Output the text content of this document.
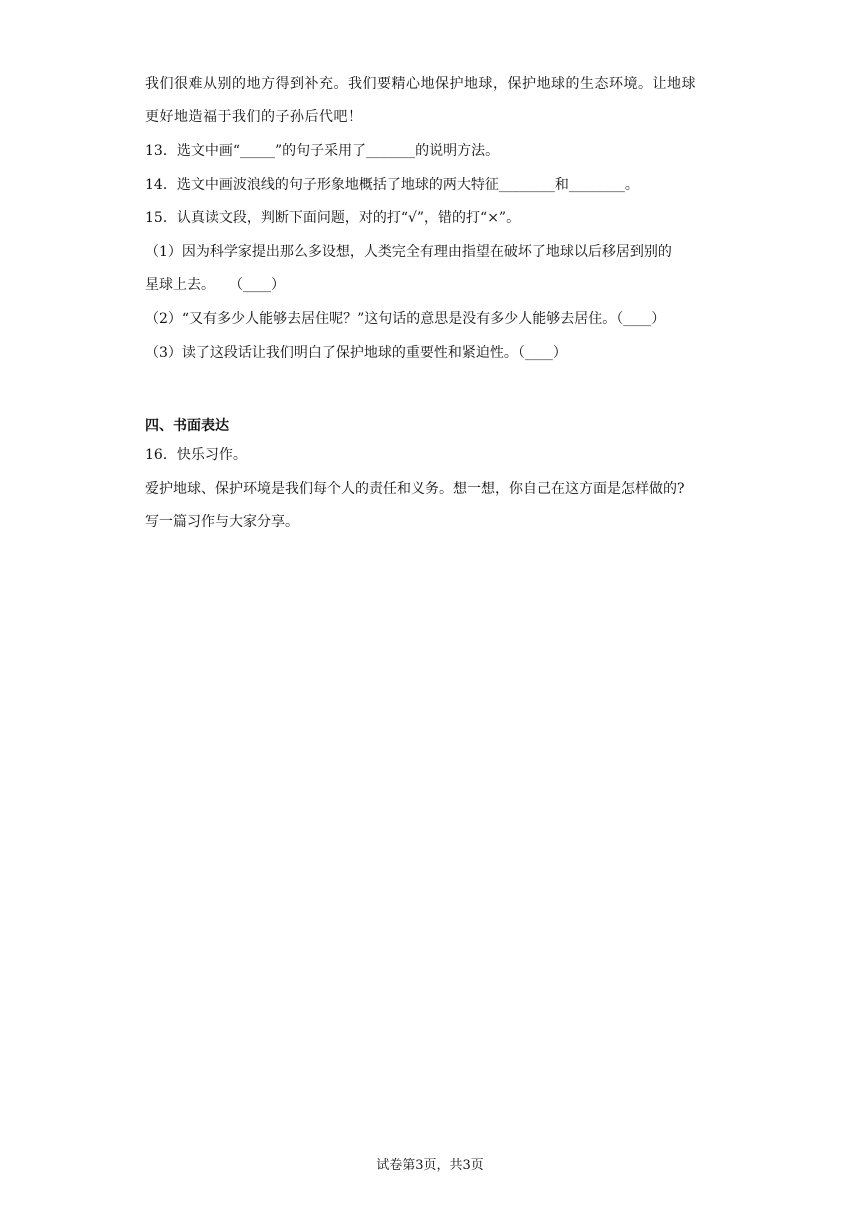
我们很难从别的地方得到补充。我们要精心地保护地球，保护地球的生态环境。让地球
更好地造福于我们的子孙后代吧！
13．选文中画“_____”的句子采用了_______的说明方法。
14．选文中画波浪线的句子形象地概括了地球的两大特征________和________。
15．认真读文段，判断下面问题，对的打“√”，错的打“×”。
（1）因为科学家提出那么多设想，人类完全有理由指望在破坏了地球以后移居到别的
星球上去。　　（____）
（2）“又有多少人能够去居住呢？”这句话的意思是没有多少人能够去居住。（____）
（3）读了这段话让我们明白了保护地球的重要性和紧迫性。（____）
四、书面表达
16．快乐习作。
爱护地球、保护环境是我们每个人的责任和义务。想一想，你自己在这方面是怎样做的?
写一篇习作与大家分享。
试卷第3页，共3页
